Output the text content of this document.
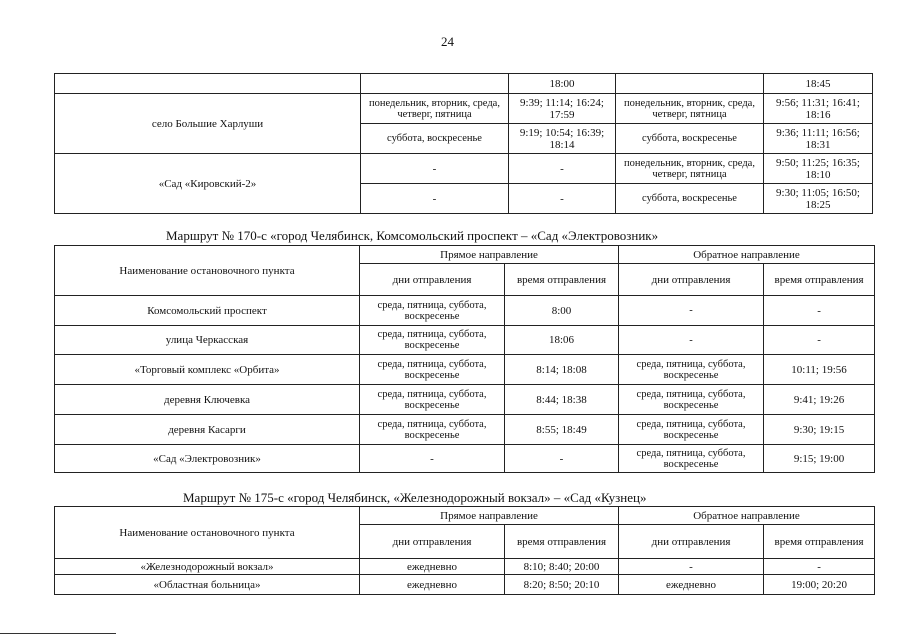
24
		18:00		18:45
село Большие Харлуши	понедельник, вторник, среда, четверг, пятница	9:39; 11:14; 16:24; 17:59	понедельник, вторник, среда, четверг, пятница	9:56; 11:31; 16:41; 18:16
	суббота, воскресенье	9:19; 10:54; 16:39; 18:14	суббота, воскресенье	9:36; 11:11; 16:56; 18:31
«Сад «Кировский-2»	-	-	понедельник, вторник, среда, четверг, пятница	9:50; 11:25; 16:35; 18:10
	-	-	суббота, воскресенье	9:30; 11:05; 16:50; 18:25
Маршрут № 170-с «город Челябинск, Комсомольский проспект – «Сад «Электровозник»
Наименование остановочного пункта	Прямое направление		Обратное направление	
	дни отправления	время отправления	дни отправления	время отправления
Комсомольский проспект	среда, пятница, суббота, воскресенье	8:00	-	-
улица Черкасская	среда, пятница, суббота, воскресенье	18:06	-	-
«Торговый комплекс «Орбита»	среда, пятница, суббота, воскресенье	8:14; 18:08	среда, пятница, суббота, воскресенье	10:11; 19:56
деревня Ключевка	среда, пятница, суббота, воскресенье	8:44; 18:38	среда, пятница, суббота, воскресенье	9:41; 19:26
деревня Касарги	среда, пятница, суббота, воскресенье	8:55; 18:49	среда, пятница, суббота, воскресенье	9:30; 19:15
«Сад «Электровозник»	-	-	среда, пятница, суббота, воскресенье	9:15; 19:00
Маршрут № 175-с «город Челябинск, «Железнодорожный вокзал» – «Сад «Кузнец»
Наименование остановочного пункта	Прямое направление		Обратное направление	
	дни отправления	время отправления	дни отправления	время отправления
«Железнодорожный вокзал»	ежедневно	8:10; 8:40; 20:00	-	-
«Областная больница»	ежедневно	8:20; 8:50; 20:10	ежедневно	19:00; 20:20
